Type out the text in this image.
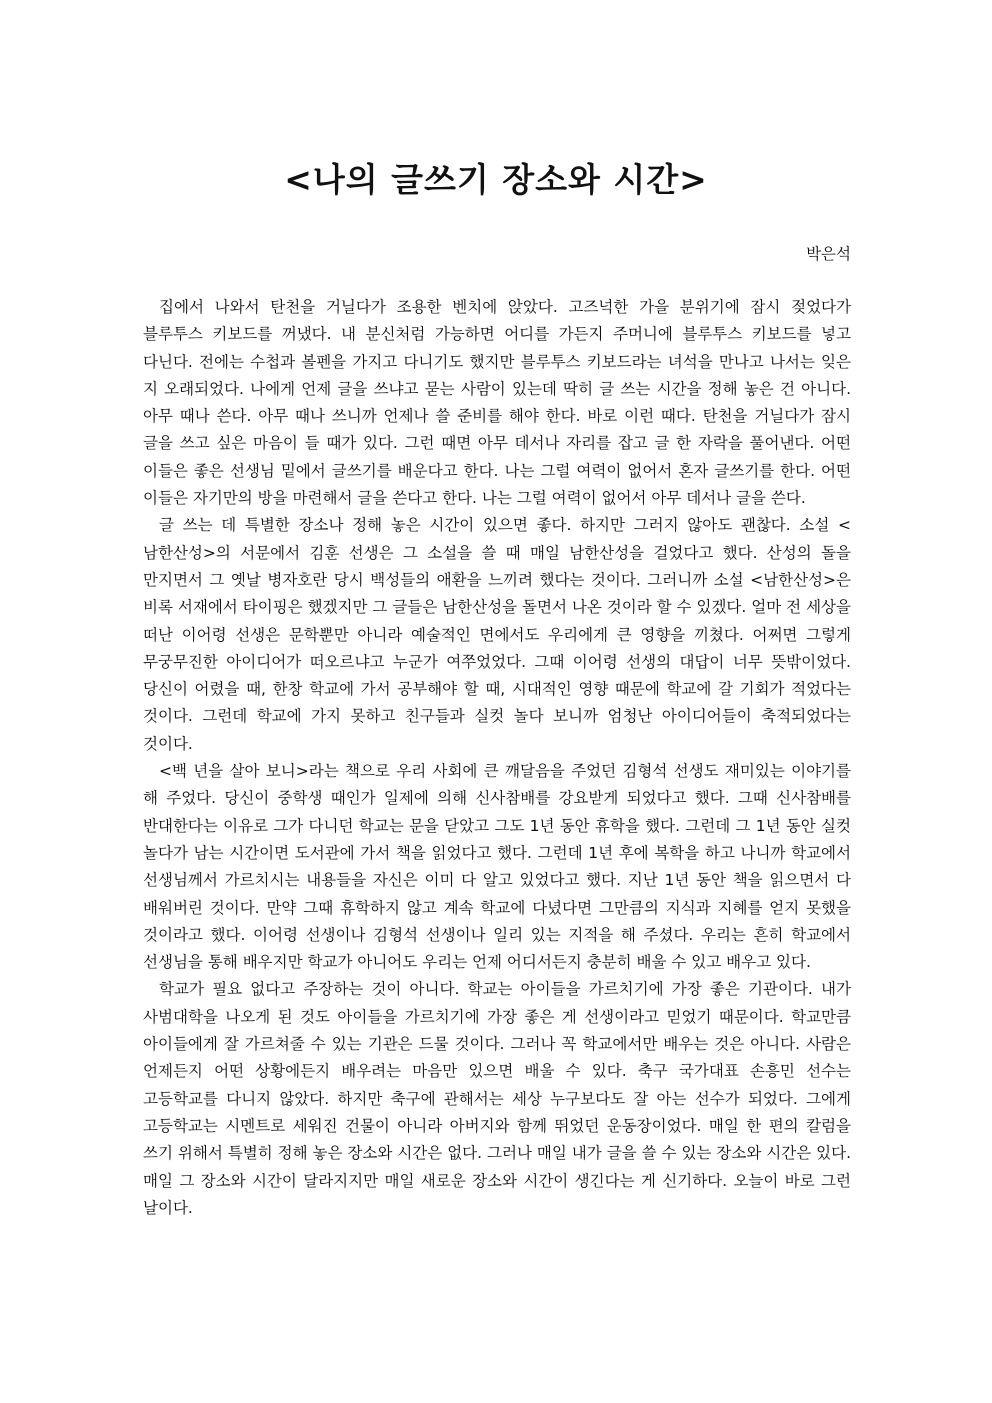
<나의 글쓰기 장소와 시간>

박은석

집에서 나와서 탄천을 거닐다가 조용한 벤치에 앉았다. 고즈넉한 가을 분위기에 잠시 젖었다가 블루투스 키보드를 꺼냈다. 내 분신처럼 가능하면 어디를 가든지 주머니에 블루투스 키보드를 넣고 다닌다. 전에는 수첩과 볼펜을 가지고 다니기도 했지만 블루투스 키보드라는 녀석을 만나고 나서는 잊은 지 오래되었다. 나에게 언제 글을 쓰냐고 묻는 사람이 있는데 딱히 글 쓰는 시간을 정해 놓은 건 아니다. 아무 때나 쓴다. 아무 때나 쓰니까 언제나 쓸 준비를 해야 한다. 바로 이런 때다. 탄천을 거닐다가 잠시 글을 쓰고 싶은 마음이 들 때가 있다. 그런 때면 아무 데서나 자리를 잡고 글 한 자락을 풀어낸다. 어떤 이들은 좋은 선생님 밑에서 글쓰기를 배운다고 한다. 나는 그럴 여력이 없어서 혼자 글쓰기를 한다. 어떤 이들은 자기만의 방을 마련해서 글을 쓴다고 한다. 나는 그럴 여력이 없어서 아무 데서나 글을 쓴다.

글 쓰는 데 특별한 장소나 정해 놓은 시간이 있으면 좋다. 하지만 그러지 않아도 괜찮다. 소설 <남한산성>의 서문에서 김훈 선생은 그 소설을 쓸 때 매일 남한산성을 걸었다고 했다. 산성의 돌을 만지면서 그 옛날 병자호란 당시 백성들의 애환을 느끼려 했다는 것이다. 그러니까 소설 <남한산성>은 비록 서재에서 타이핑은 했겠지만 그 글들은 남한산성을 돌면서 나온 것이라 할 수 있겠다. 얼마 전 세상을 떠난 이어령 선생은 문학뿐만 아니라 예술적인 면에서도 우리에게 큰 영향을 끼쳤다. 어쩌면 그렇게 무궁무진한 아이디어가 떠오르냐고 누군가 여쭈었었다. 그때 이어령 선생의 대답이 너무 뜻밖이었다. 당신이 어렸을 때, 한창 학교에 가서 공부해야 할 때, 시대적인 영향 때문에 학교에 갈 기회가 적었다는 것이다. 그런데 학교에 가지 못하고 친구들과 실컷 놀다 보니까 엄청난 아이디어들이 축적되었다는 것이다.

<백 년을 살아 보니>라는 책으로 우리 사회에 큰 깨달음을 주었던 김형석 선생도 재미있는 이야기를 해 주었다. 당신이 중학생 때인가 일제에 의해 신사참배를 강요받게 되었다고 했다. 그때 신사참배를 반대한다는 이유로 그가 다니던 학교는 문을 닫았고 그도 1년 동안 휴학을 했다. 그런데 그 1년 동안 실컷 놀다가 남는 시간이면 도서관에 가서 책을 읽었다고 했다. 그런데 1년 후에 복학을 하고 나니까 학교에서 선생님께서 가르치시는 내용들을 자신은 이미 다 알고 있었다고 했다. 지난 1년 동안 책을 읽으면서 다 배워버린 것이다. 만약 그때 휴학하지 않고 계속 학교에 다녔다면 그만큼의 지식과 지혜를 얻지 못했을 것이라고 했다. 이어령 선생이나 김형석 선생이나 일리 있는 지적을 해 주셨다. 우리는 흔히 학교에서 선생님을 통해 배우지만 학교가 아니어도 우리는 언제 어디서든지 충분히 배울 수 있고 배우고 있다.

학교가 필요 없다고 주장하는 것이 아니다. 학교는 아이들을 가르치기에 가장 좋은 기관이다. 내가 사범대학을 나오게 된 것도 아이들을 가르치기에 가장 좋은 게 선생이라고 믿었기 때문이다. 학교만큼 아이들에게 잘 가르쳐줄 수 있는 기관은 드물 것이다. 그러나 꼭 학교에서만 배우는 것은 아니다. 사람은 언제든지 어떤 상황에든지 배우려는 마음만 있으면 배울 수 있다. 축구 국가대표 손흥민 선수는 고등학교를 다니지 않았다. 하지만 축구에 관해서는 세상 누구보다도 잘 아는 선수가 되었다. 그에게 고등학교는 시멘트로 세워진 건물이 아니라 아버지와 함께 뛰었던 운동장이었다. 매일 한 편의 칼럼을 쓰기 위해서 특별히 정해 놓은 장소와 시간은 없다. 그러나 매일 내가 글을 쓸 수 있는 장소와 시간은 있다. 매일 그 장소와 시간이 달라지지만 매일 새로운 장소와 시간이 생긴다는 게 신기하다. 오늘이 바로 그런 날이다.
